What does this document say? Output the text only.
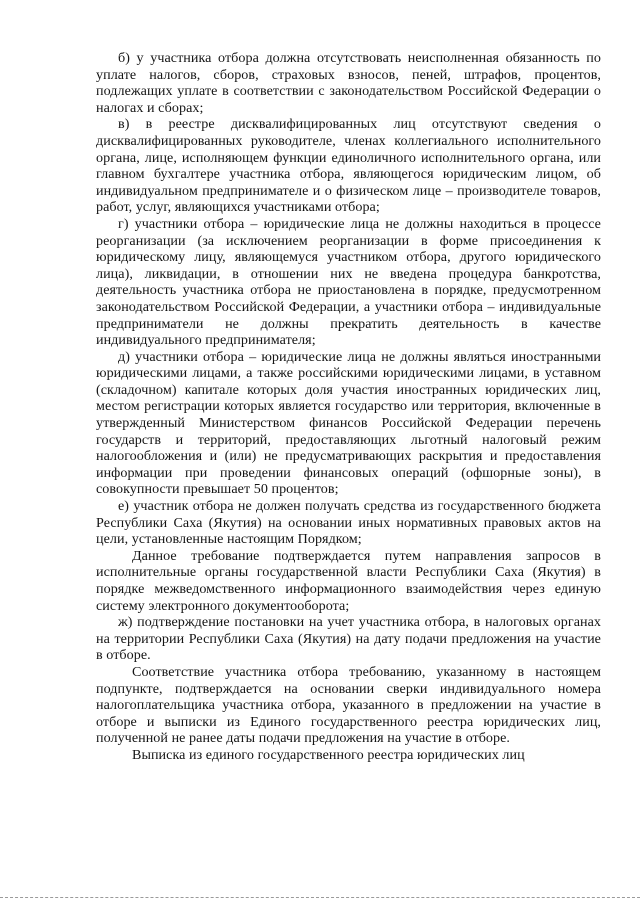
б) у участника отбора должна отсутствовать неисполненная обязанность по уплате налогов, сборов, страховых взносов, пеней, штрафов, процентов, подлежащих уплате в соответствии с законодательством Российской Федерации о налогах и сборах;

в) в реестре дисквалифицированных лиц отсутствуют сведения о дисквалифицированных руководителе, членах коллегиального исполнительного органа, лице, исполняющем функции единоличного исполнительного органа, или главном бухгалтере участника отбора, являющегося юридическим лицом, об индивидуальном предпринимателе и о физическом лице – производителе товаров, работ, услуг, являющихся участниками отбора;

г) участники отбора – юридические лица не должны находиться в процессе реорганизации (за исключением реорганизации в форме присоединения к юридическому лицу, являющемуся участником отбора, другого юридического лица), ликвидации, в отношении них не введена процедура банкротства, деятельность участника отбора не приостановлена в порядке, предусмотренном законодательством Российской Федерации, а участники отбора – индивидуальные предприниматели не должны прекратить деятельность в качестве индивидуального предпринимателя;

д) участники отбора – юридические лица не должны являться иностранными юридическими лицами, а также российскими юридическими лицами, в уставном (складочном) капитале которых доля участия иностранных юридических лиц, местом регистрации которых является государство или территория, включенные в утвержденный Министерством финансов Российской Федерации перечень государств и территорий, предоставляющих льготный налоговый режим налогообложения и (или) не предусматривающих раскрытия и предоставления информации при проведении финансовых операций (офшорные зоны), в совокупности превышает 50 процентов;

е) участник отбора не должен получать средства из государственного бюджета Республики Саха (Якутия) на основании иных нормативных правовых актов на цели, установленные настоящим Порядком;

Данное требование подтверждается путем направления запросов в исполнительные органы государственной власти Республики Саха (Якутия) в порядке межведомственного информационного взаимодействия через единую систему электронного документооборота;

ж) подтверждение постановки на учет участника отбора, в налоговых органах на территории Республики Саха (Якутия) на дату подачи предложения на участие в отборе.

Соответствие участника отбора требованию, указанному в настоящем подпункте, подтверждается на основании сверки индивидуального номера налогоплательщика участника отбора, указанного в предложении на участие в отборе и выписки из Единого государственного реестра юридических лиц, полученной не ранее даты подачи предложения на участие в отборе.

Выписка из единого государственного реестра юридических лиц
